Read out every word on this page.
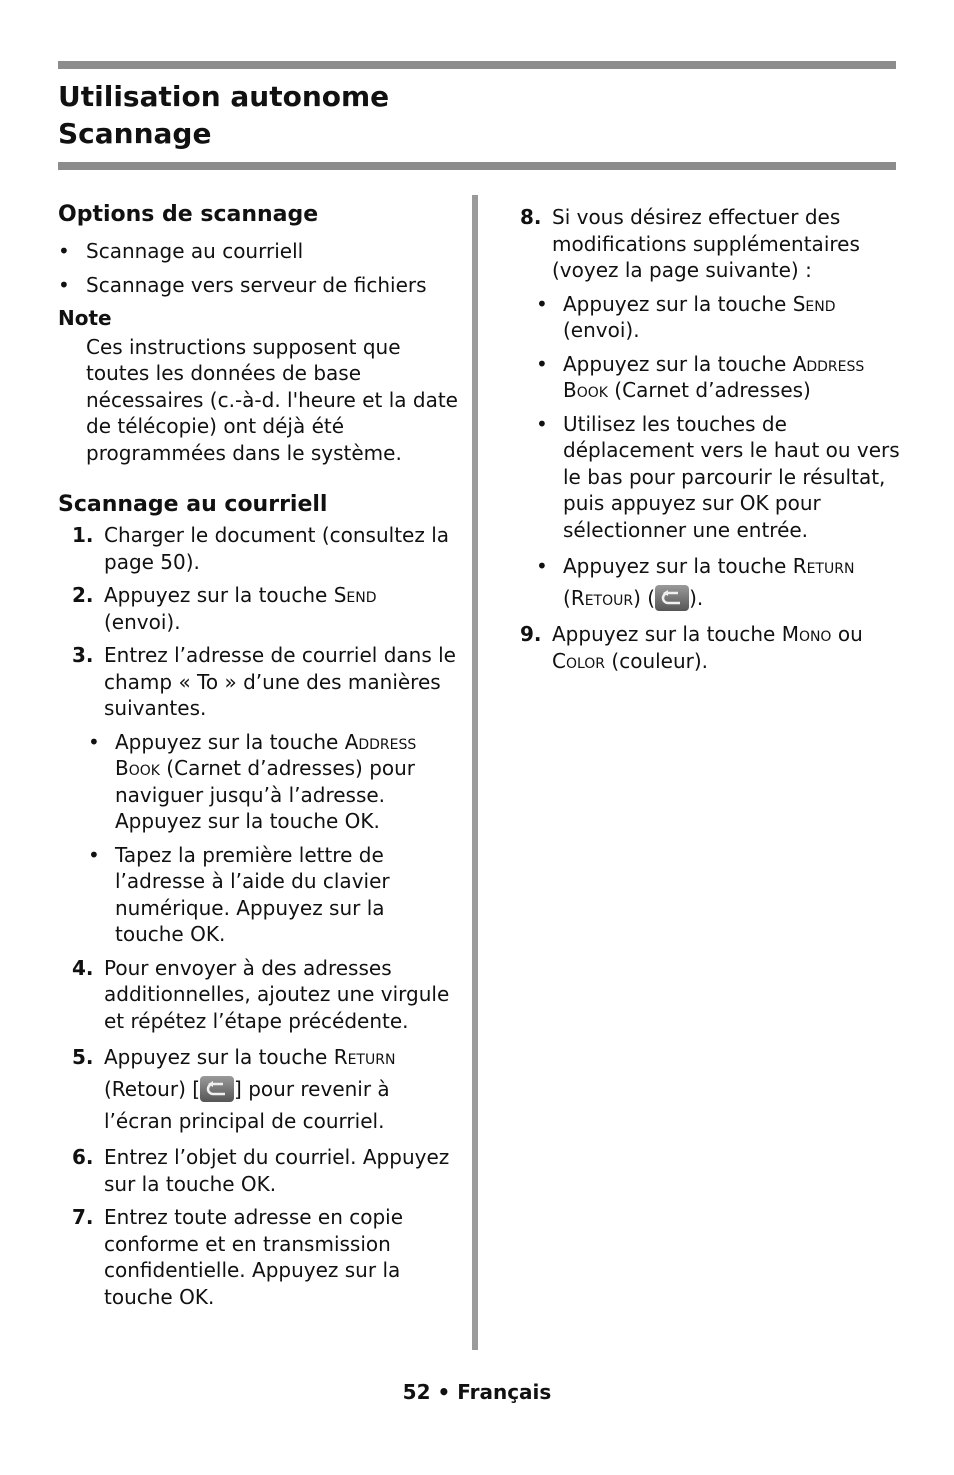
Utilisation autonome
Scannage
Options de scannage
• Scannage au courriell
• Scannage vers serveur de fichiers
Note
Ces instructions supposent que toutes les données de base nécessaires (c.-à-d. l'heure et la date de télécopie) ont déjà été programmées dans le système.
Scannage au courriell
1. Charger le document (consultez la page 50).
2. Appuyez sur la touche Send
(envoi).
3. Entrez l’adresse de courriel dans le champ « To » d’une des manières suivantes.
• Appuyez sur la touche Address Book (Carnet d’adresses) pour naviguer jusqu’à l’adresse. Appuyez sur la touche OK.
• Tapez la première lettre de l’adresse à l’aide du clavier numérique. Appuyez sur la touche OK.
4. Pour envoyer à des adresses additionnelles, ajoutez une virgule et répétez l’étape précédente.
5. Appuyez sur la touche Return
(Retour) [ ] pour revenir à l’écran principal de courriel.
6. Entrez l’objet du courriel. Appuyez sur la touche OK.
7. Entrez toute adresse en copie conforme et en transmission confidentielle. Appuyez sur la touche OK.
8. Si vous désirez effectuer des modifications supplémentaires (voyez la page suivante) :
• Appuyez sur la touche Send
(envoi).
• Appuyez sur la touche Address Book (Carnet d’adresses)
• Utilisez les touches de déplacement vers le haut ou vers le bas pour parcourir le résultat, puis appuyez sur OK pour sélectionner une entrée.
• Appuyez sur la touche Return
(Retour) ( ).
9. Appuyez sur la touche Mono ou
Color (couleur).
52 • Français
